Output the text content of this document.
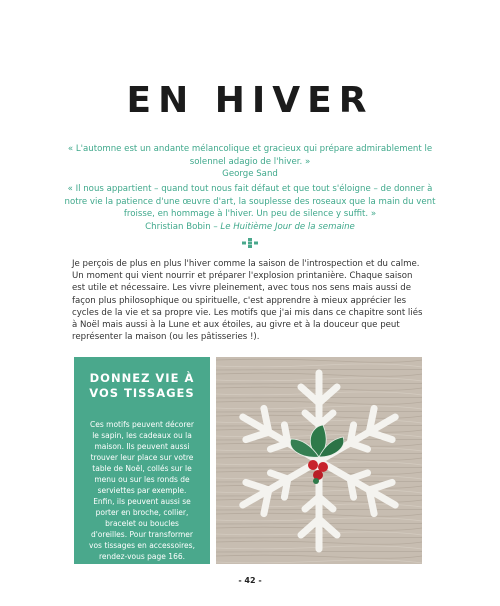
EN HIVER
« L'automne est un andante mélancolique et gracieux qui prépare admirablement le solennel adagio de l'hiver. »
George Sand
« Il nous appartient – quand tout nous fait défaut et que tout s'éloigne – de donner à notre vie la patience d'une œuvre d'art, la souplesse des roseaux que la main du vent froisse, en hommage à l'hiver. Un peu de silence y suffit. »
Christian Bobin – Le Huitième Jour de la semaine
Je perçois de plus en plus l'hiver comme la saison de l'introspection et du calme. Un moment qui vient nourrir et préparer l'explosion printanière. Chaque saison est utile et nécessaire. Les vivre pleinement, avec tous nos sens mais aussi de façon plus philosophique ou spirituelle, c'est apprendre à mieux apprécier les cycles de la vie et sa propre vie. Les motifs que j'ai mis dans ce chapitre sont liés à Noël mais aussi à la Lune et aux étoiles, au givre et à la douceur que peut représenter la maison (ou les pâtisseries !).
DONNEZ VIE À VOS TISSAGES
Ces motifs peuvent décorer le sapin, les cadeaux ou la maison. Ils peuvent aussi trouver leur place sur votre table de Noël, collés sur le menu ou sur les ronds de serviettes par exemple. Enfin, ils peuvent aussi se porter en broche, collier, bracelet ou boucles d'oreilles. Pour transformer vos tissages en accessoires, rendez-vous page 166.
- 42 -
